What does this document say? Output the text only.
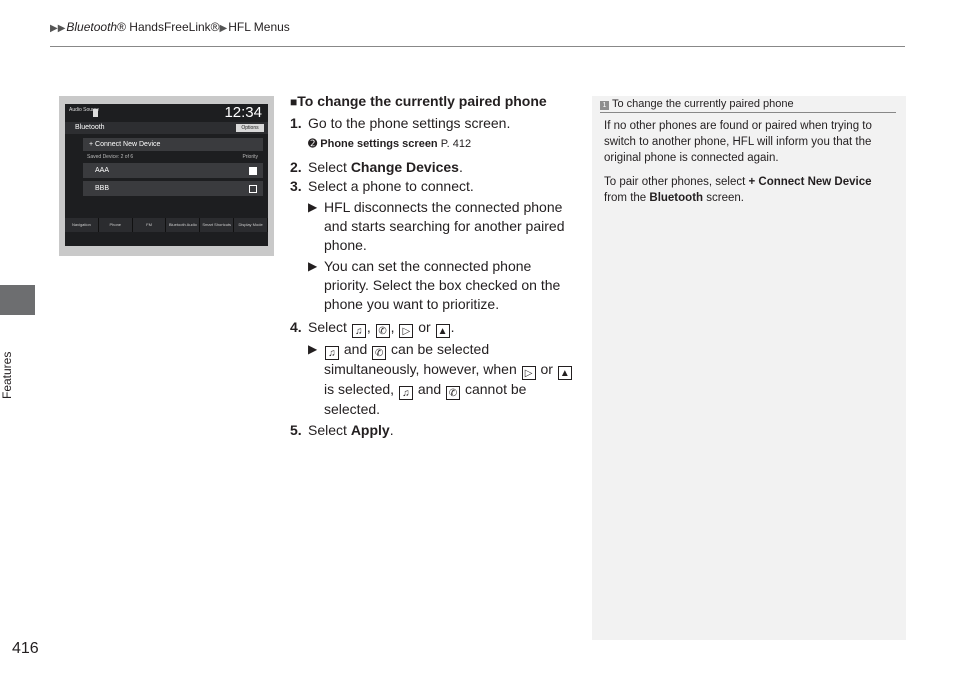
▶▶Bluetooth® HandsFreeLink®▶HFL Menus
Features
416
Audio Source	12:34
Bluetooth	Options
+ Connect New Device
Saved Device: 2 of 6	Priority
AAA
BBB
Navigation	Phone	FM	Bluetooth Audio	Smart Shortcuts	Display Mode

■To change the currently paired phone

1. Go to the phone settings screen.

➋ Phone settings screen P. 412

2. Select Change Devices.

3. Select a phone to connect.

▶ HFL disconnects the connected phone and starts searching for another paired phone.

▶ You can set the connected phone priority. Select the box checked on the phone you want to prioritize.

4. Select ♫ , ✆ , ▷ or ▲ .

▶ ♫ and ✆ can be selected simultaneously, however, when ▷ or ▲ is selected, ♫ and ✆ cannot be selected.

5. Select Apply.

1 To change the currently paired phone

If no other phones are found or paired when trying to switch to another phone, HFL will inform you that the original phone is connected again.

To pair other phones, select + Connect New Device from the Bluetooth screen.
